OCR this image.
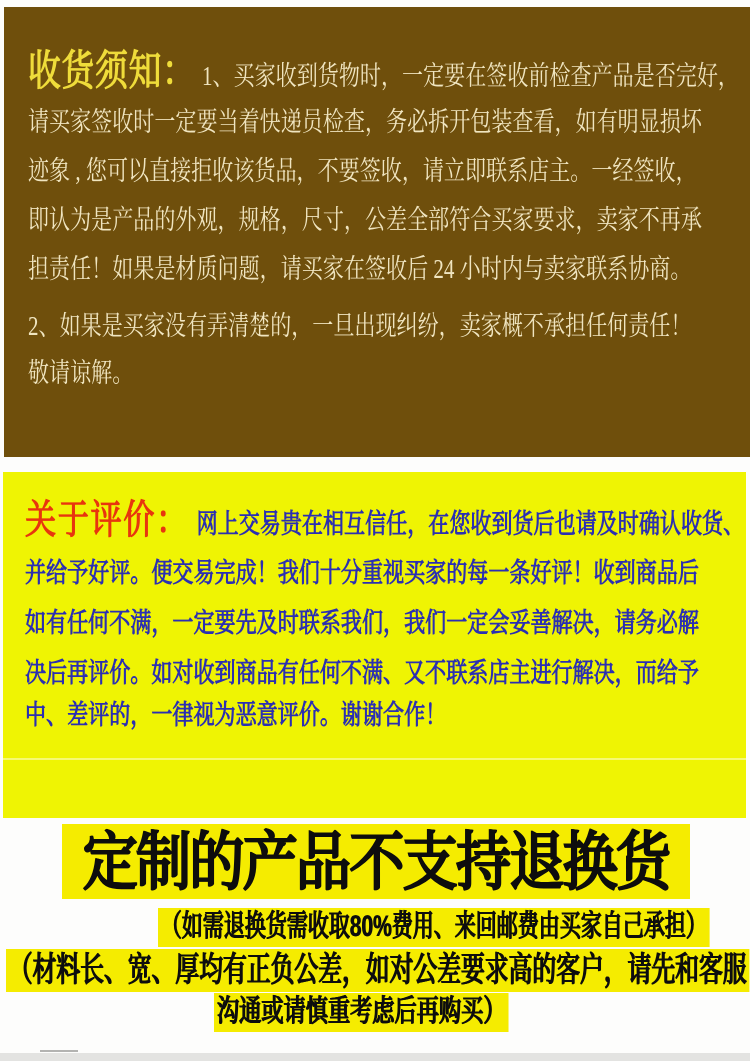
收货须知： 1、买家收到货物时，一定要在签收前检查产品是否完好，
请买家签收时一定要当着快递员检查，务必拆开包装查看，如有明显损坏
迹象 , 您可以直接拒收该货品，不要签收，请立即联系店主。一经签收，
即认为是产品的外观，规格，尺寸，公差全部符合买家要求，卖家不再承
担责任！如果是材质问题，请买家在签收后 24 小时内与卖家联系协商。
2、如果是买家没有弄清楚的，一旦出现纠纷，卖家概不承担任何责任！
敬请谅解。
关于评价： 网上交易贵在相互信任，在您收到货后也请及时确认收货、
并给予好评。便交易完成！我们十分重视买家的每一条好评！收到商品后
如有任何不满，一定要先及时联系我们，我们一定会妥善解决，请务必解
决后再评价。如对收到商品有任何不满、又不联系店主进行解决，而给予
中、差评的，一律视为恶意评价。谢谢合作！
定制的产品不支持退换货
（如需退换货需收取80%费用、来回邮费由买家自己承担）
（材料长、宽、厚均有正负公差，如对公差要求高的客户，请先和客服
沟通或请慎重考虑后再购买）
